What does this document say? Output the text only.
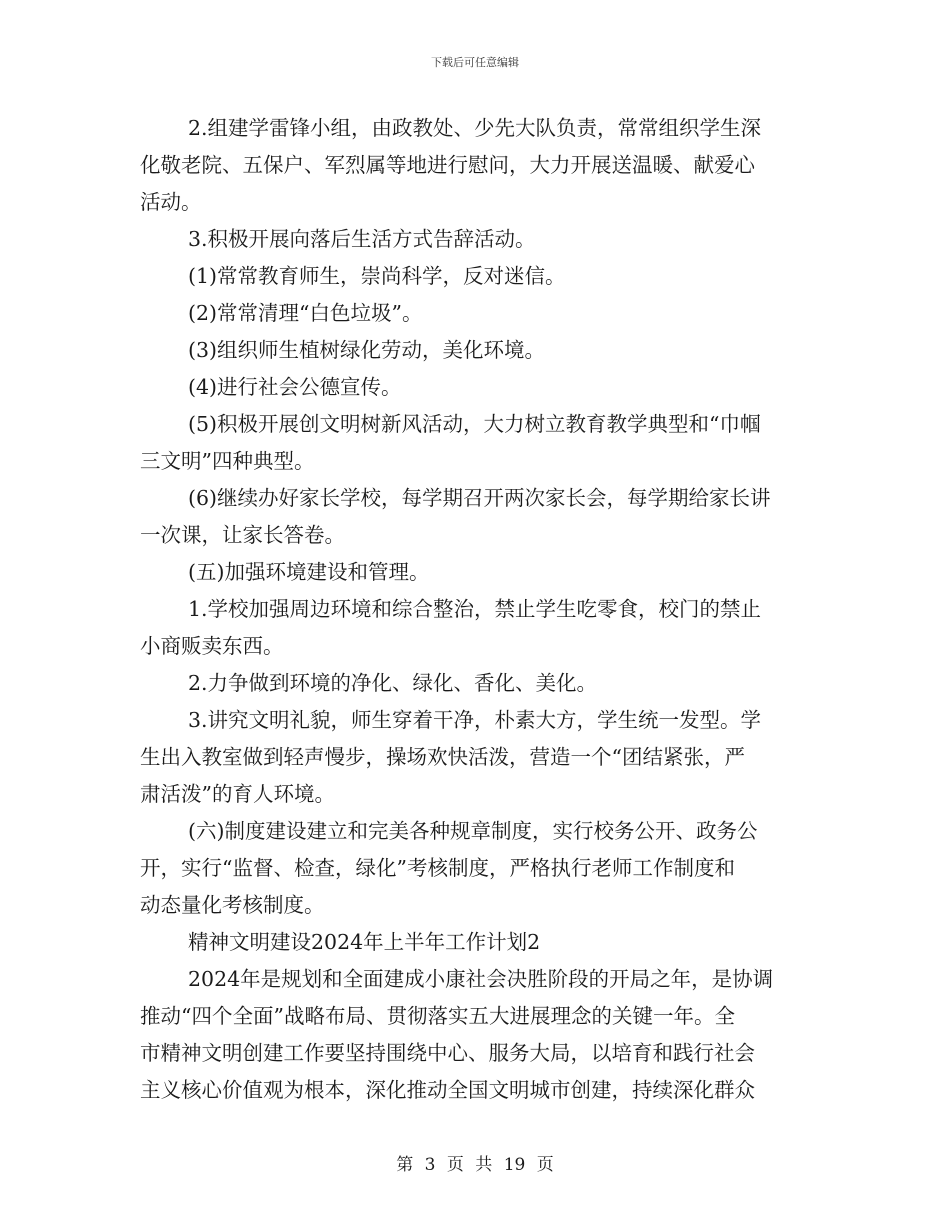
下载后可任意编辑
2.组建学雷锋小组，由政教处、少先大队负责，常常组织学生深
化敬老院、五保户、军烈属等地进行慰问，大力开展送温暖、献爱心
活动。
3.积极开展向落后生活方式告辞活动。
(1)常常教育师生，崇尚科学，反对迷信。
(2)常常清理“白色垃圾”。
(3)组织师生植树绿化劳动，美化环境。
(4)进行社会公德宣传。
(5)积极开展创文明树新风活动，大力树立教育教学典型和“巾帼
三文明”四种典型。
(6)继续办好家长学校，每学期召开两次家长会，每学期给家长讲
一次课，让家长答卷。
(五)加强环境建设和管理。
1.学校加强周边环境和综合整治，禁止学生吃零食，校门的禁止
小商贩卖东西。
2.力争做到环境的净化、绿化、香化、美化。
3.讲究文明礼貌，师生穿着干净，朴素大方，学生统一发型。学
生出入教室做到轻声慢步，操场欢快活泼，营造一个“团结紧张，严
肃活泼”的育人环境。
(六)制度建设建立和完美各种规章制度，实行校务公开、政务公
开，实行“监督、检查，绿化”考核制度，严格执行老师工作制度和
动态量化考核制度。
精神文明建设2024年上半年工作计划2
2024年是规划和全面建成小康社会决胜阶段的开局之年，是协调
推动“四个全面”战略布局、贯彻落实五大进展理念的关键一年。全
市精神文明创建工作要坚持围绕中心、服务大局，以培育和践行社会
主义核心价值观为根本，深化推动全国文明城市创建，持续深化群众
第 3 页 共 19 页
